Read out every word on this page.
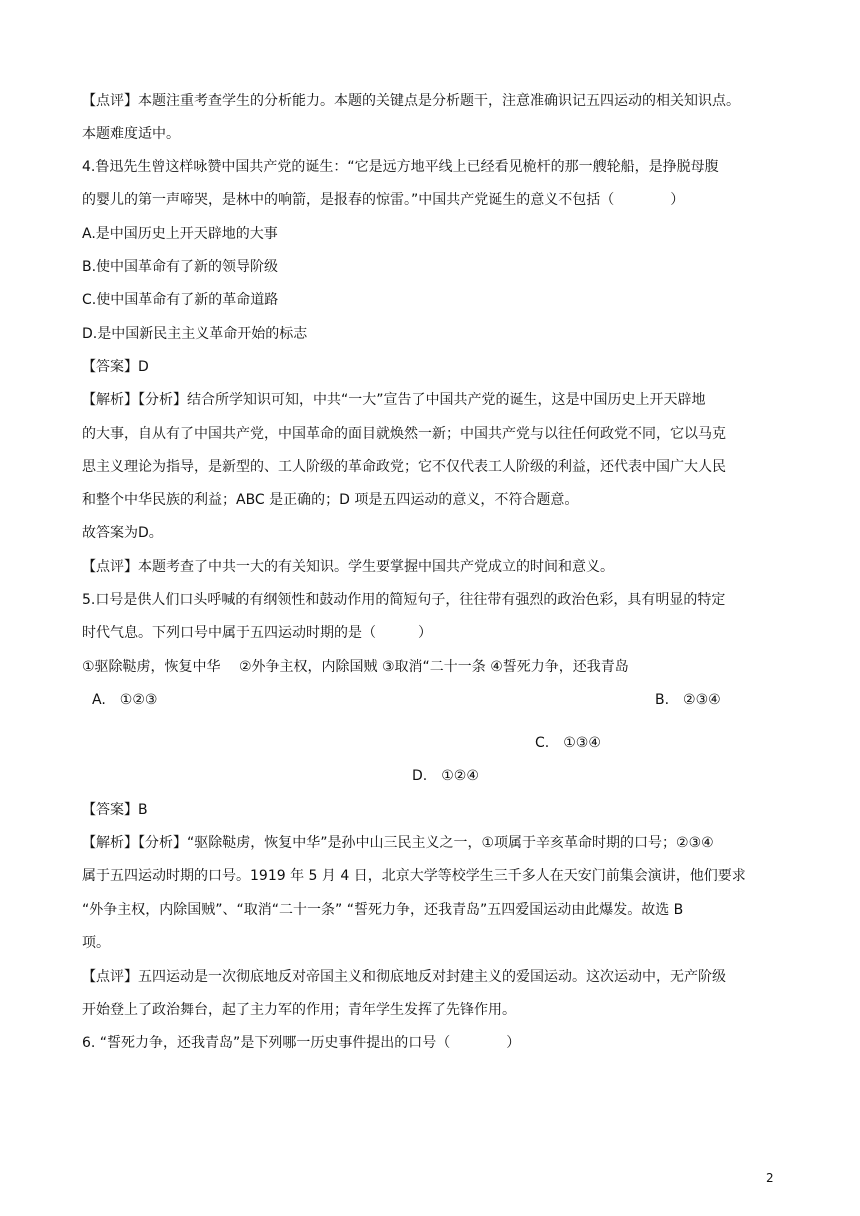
【点评】本题注重考查学生的分析能力。本题的关键点是分析题干，注意准确识记五四运动的相关知识点。
本题难度适中。
4.鲁迅先生曾这样咏赞中国共产党的诞生：“它是远方地平线上已经看见桅杆的那一艘轮船，是挣脱母腹
的婴儿的第一声啼哭，是林中的响箭，是报春的惊雷。”中国共产党诞生的意义不包括（　　　　）
A.是中国历史上开天辟地的大事
B.使中国革命有了新的领导阶级
C.使中国革命有了新的革命道路
D.是中国新民主主义革命开始的标志
【答案】D
【解析】【分析】结合所学知识可知，中共“一大”宣告了中国共产党的诞生，这是中国历史上开天辟地
的大事，自从有了中国共产党，中国革命的面目就焕然一新；中国共产党与以往任何政党不同，它以马克
思主义理论为指导，是新型的、工人阶级的革命政党；它不仅代表工人阶级的利益，还代表中国广大人民
和整个中华民族的利益；ABC 是正确的；D 项是五四运动的意义，不符合题意。
故答案为D。
【点评】本题考查了中共一大的有关知识。学生要掌握中国共产党成立的时间和意义。
5.口号是供人们口头呼喊的有纲领性和鼓动作用的简短句子，往往带有强烈的政治色彩，具有明显的特定
时代气息。下列口号中属于五四运动时期的是（　　　）
①驱除鞑虏，恢复中华　 ②外争主权，内除国贼 ③取消“二十一条 ④誓死力争，还我青岛
A.　①②③	B.　②③④
C.　①③④
D.　①②④
【答案】B
【解析】【分析】“驱除鞑虏，恢复中华”是孙中山三民主义之一，①项属于辛亥革命时期的口号；②③④
属于五四运动时期的口号。1919 年 5 月 4 日，北京大学等校学生三千多人在天安门前集会演讲，他们要求
“外争主权，内除国贼”、“取消“二十一条” “誓死力争，还我青岛”五四爱国运动由此爆发。故选 B
项。
【点评】五四运动是一次彻底地反对帝国主义和彻底地反对封建主义的爱国运动。这次运动中，无产阶级
开始登上了政治舞台，起了主力军的作用；青年学生发挥了先锋作用。
6. “誓死力争，还我青岛”是下列哪一历史事件提出的口号（　　　　）
2
